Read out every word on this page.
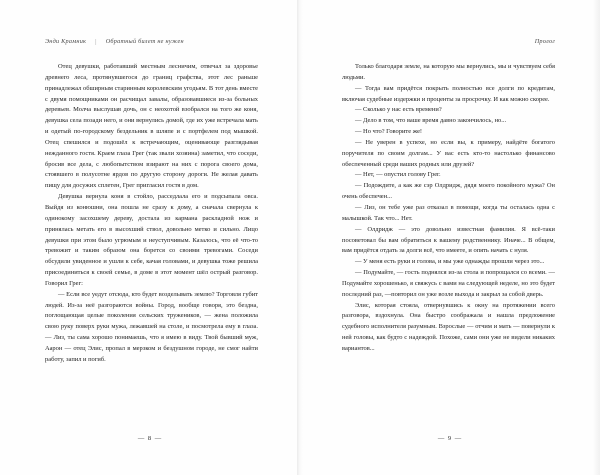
Энди Крамник | Обратный билет не нужен

Отец девушки, работавший местным лесничим, отвечал за здоровье древнего леса, протянувшегося до границ графства, этот лес раньше принадлежал обширным старинным королевским угодьям. В тот день вместе с двумя помощниками он расчищал завалы, образовавшиеся из-за больных деревьев. Молча выслушав дочь, он с неохотой взобрался на того же коня, девушка села позади него, и они вернулись домой, где их уже встречала мать и одетый по-городскому бездельник в шляпе и с портфелем под мышкой. Отец спешился и подошёл к встречающим, оценивающе разглядывая нежданного гостя. Краем глаза Грег (так звали хозяина) заметил, что соседи, бросив все дела, с любопытством взирают на них с порога своего дома, стоявшего в полусотне ярдов по другую сторону дороги. Не желая давать пищу для досужих сплетен, Грег пригласил гостя в дом.

Девушка вернула коня в стойло, расседлала его и подсыпала овса. Выйдя из конюшни, она пошла не сразу к дому, а сначала свернула к одинокому засохшему дереву, достала из кармана раскладной нож и принялась метать его в высохший ствол, довольно метко и сильно. Лицо девушки при этом было угрюмым и неуступчивым. Казалось, что её что-то тревожит и таким образом она борется со своими тревогами. Соседи обсудили увиденное и ушли к себе, качая головами, и девушка тоже решила присоединиться к своей семье, в доме в этот момент шёл острый разговор. Говорил Грег:

— Если все уедут отсюда, кто будет возделывать землю? Торговля губит людей. Из-за неё разгораются войны. Город, вообще говоря, это бездна, поглощающая целые поколения сельских тружеников, — жена положила свою руку поверх руки мужа, лежавшей на столе, и посмотрела ему в глаза. — Лиз, ты сама хорошо понимаешь, что я имею в виду. Твой бывший муж, Аарон — отец Элис, пропал в мерзком и бездушном городе, не смог найти работу, запил и погиб.

— 8 —
Пролог

Только благодаря земле, на которую мы вернулись, мы и чувствуем себя людьми.

— Тогда вам придётся покрыть полностью все долги по кредитам, включая судебные издержки и проценты за просрочку. И как можно скорее.

— Сколько у нас есть времени?

— Дело в том, что ваше время давно закончилось, но...

— Но что? Говорите же!

— Не уверен в успехе, но если вы, к примеру, найдёте богатого поручителя по своим долгам... У вас есть кто-то настолько финансово обеспеченный среди ваших родных или друзей?

— Нет, — опустил голову Грег.

— Подождите, а как же сэр Олдридж, дядя моего покойного мужа? Он очень обеспечен...

— Лиз, он тебе уже раз отказал в помощи, когда ты осталась одна с малышкой. Так что... Нет.

— Олдридж — это довольно известная фамилия. Я всё-таки посоветовал бы вам обратиться к вашему родственнику. Иначе... В общем, вам придётся отдать за долги всё, что имеете, и опять начать с нуля.

— У меня есть руки и голова, и мы уже однажды прошли через это...

— Подумайте, — гость поднялся из-за стола и попрощался со всеми. — Подумайте хорошенько, я свяжусь с вами на следующей неделе, но это будет последний раз, —повторил он уже возле выхода и закрыл за собой дверь.

Элис, которая стояла, отвернувшись к окну на протяжении всего разговора, вздохнула. Она быстро соображала и нашла предложение судебного исполнителя разумным. Взрослые — отчим и мать — повернули к ней головы, как будто с надеждой. Похоже, сами они уже не видели никаких вариантов...

— 9 —
